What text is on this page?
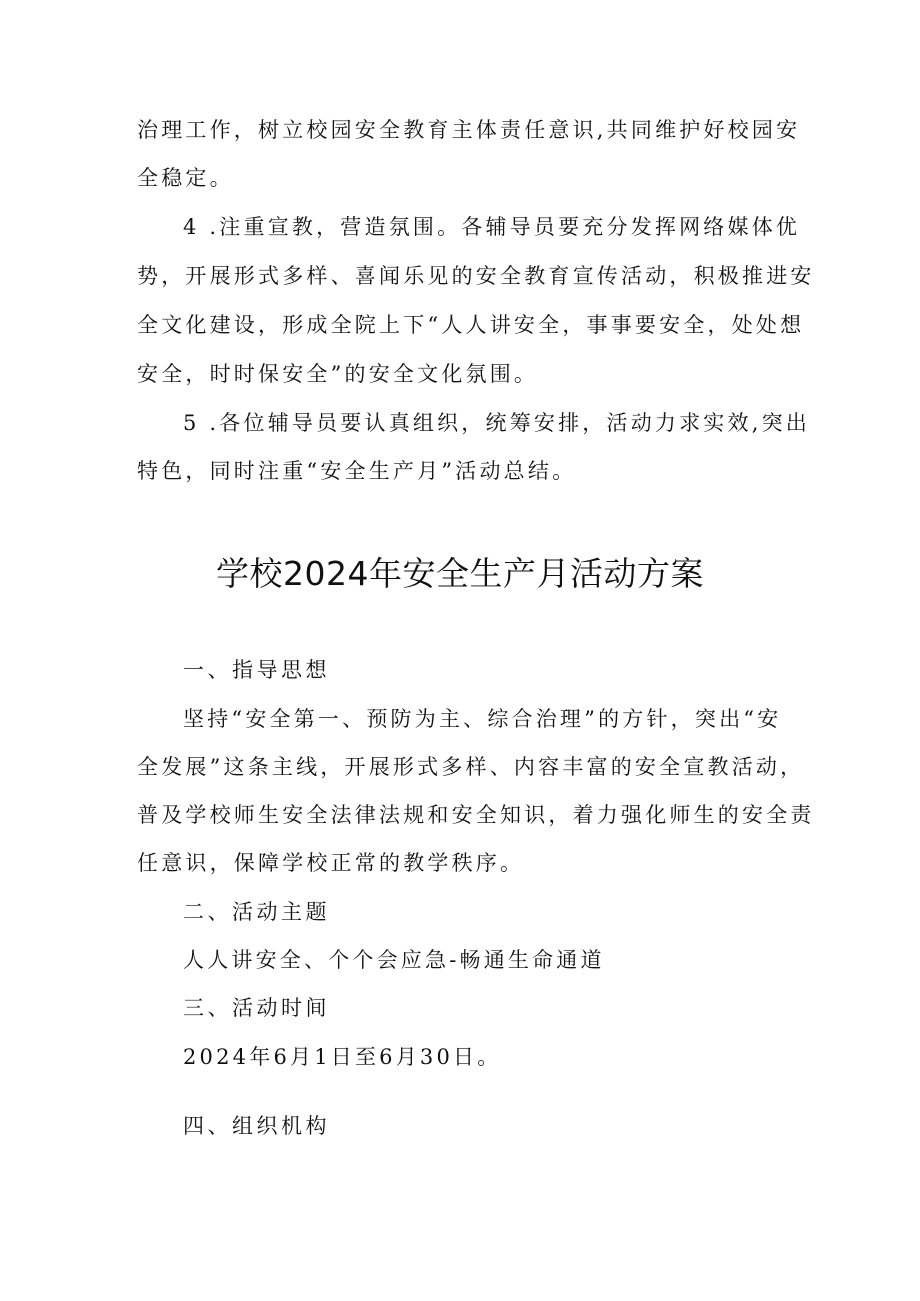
治理工作，树立校园安全教育主体责任意识,共同维护好校园安
全稳定。
4 .注重宣教，营造氛围。各辅导员要充分发挥网络媒体优
势，开展形式多样、喜闻乐见的安全教育宣传活动，积极推进安
全文化建设，形成全院上下“人人讲安全，事事要安全，处处想
安全，时时保安全”的安全文化氛围。
5 .各位辅导员要认真组织，统筹安排，活动力求实效,突出
特色，同时注重“安全生产月”活动总结。
学校2024年安全生产月活动方案
一、指导思想
坚持“安全第一、预防为主、综合治理”的方针，突出“安
全发展”这条主线，开展形式多样、内容丰富的安全宣教活动，
普及学校师生安全法律法规和安全知识，着力强化师生的安全责
任意识，保障学校正常的教学秩序。
二、活动主题
人人讲安全、个个会应急-畅通生命通道
三、活动时间
2024年6月1日至6月30日。
四、组织机构
